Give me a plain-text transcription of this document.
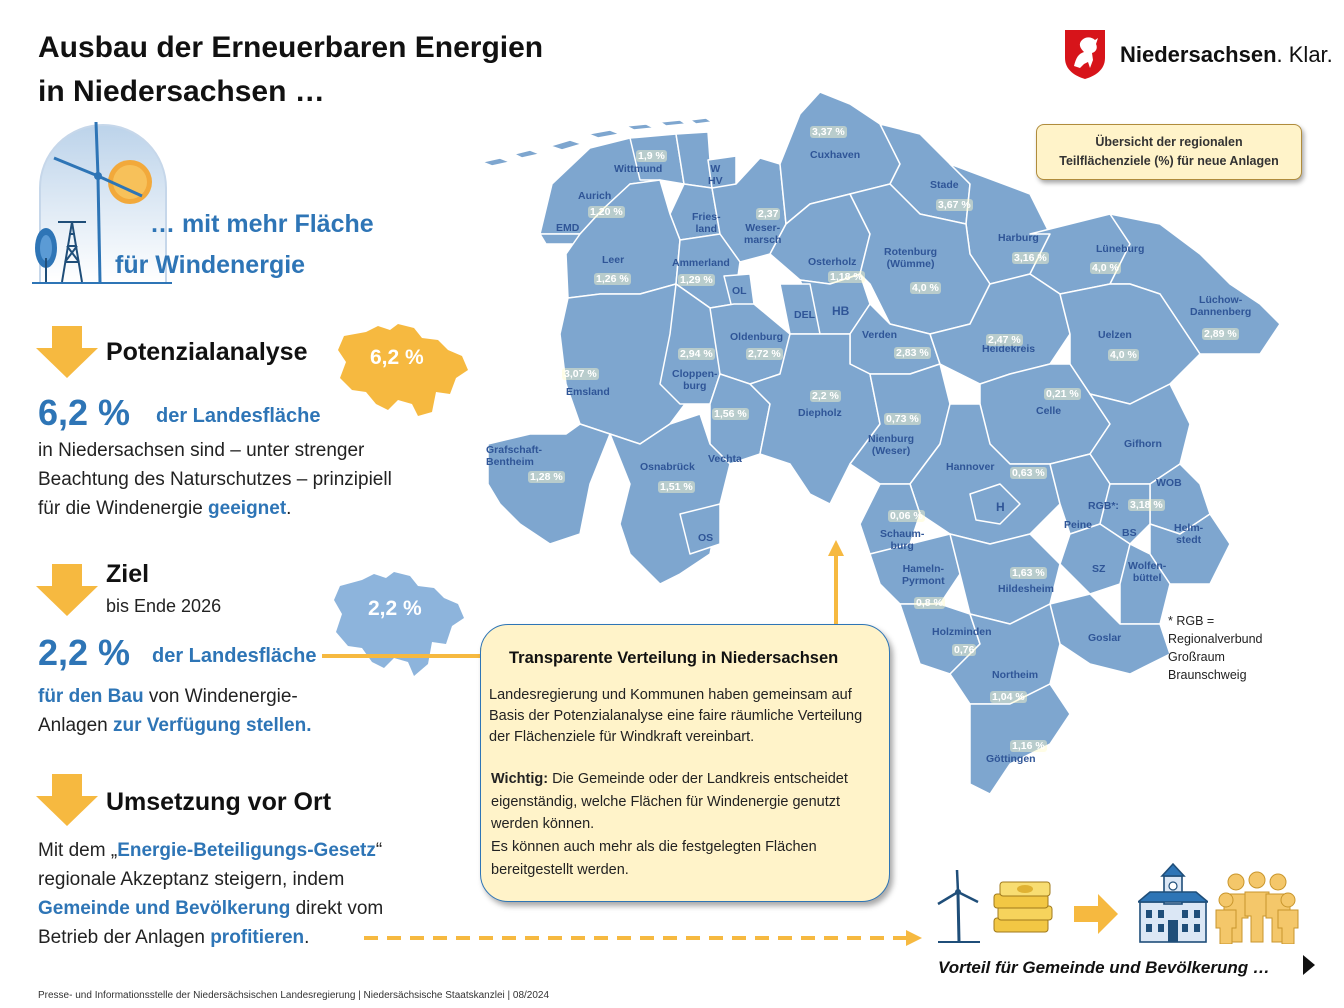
Ausbau der Erneuerbaren Energien
in Niedersachsen …
Niedersachsen. Klar.
… mit mehr Fläche
für Windenergie
Potenzialanalyse	6,2 %
6,2 % der Landesfläche
in Niedersachsen sind – unter strenger
Beachtung des Naturschutzes – prinzipiell
für die Windenergie geeignet.
Ziel
bis Ende 2026	2,2 %
2,2 % der Landesfläche
für den Bau von Windenergie-
Anlagen zur Verfügung stellen.
Umsetzung vor Ort
Mit dem „Energie-Beteiligungs-Gesetz“
regionale Akzeptanz steigern, indem
Gemeinde und Bevölkerung direkt vom
Betrieb der Anlagen profitieren.
Cuxhaven
3,37 %
Stade
3,67 %
Harburg
3,16 %
Lüneburg
4,0 %
Lüchow-
Dannenberg
2,89 %
Wittmund
1,9 %
W
HV
Aurich
1,20 %
EMD
Fries-
land	Weser-
marsch
2,37
Leer
1,26 %
Ammerland
1,29 %
OL
Osterholz
1,18 %
Rotenburg
(Wümme)
4,0 %
HB
DEL
Oldenburg
2,72 %
Verden
2,83 %	Heidekreis
2,47 %	Uelzen
4,0 %
Emsland
3,07 %	Cloppen-
burg
2,94 %
Vechta
1,56 %	Diepholz
2,2 %
Nienburg
(Weser)
0,73 %
Celle
0,21 %
Gifhorn
WOB
RGB*: 3,18 %
Grafschaft-
Bentheim
1,28 %
Osnabrück
1,51 %
OS
Hannover 0,63 %
H
Peine
BS	Helm-
stedt
Schaum-
burg
0,06 %
Hameln-
Pyrmont
0,8 %
Hildesheim
1,63 %	SZ Wolfen-
büttel
Holzminden
0,76
Goslar
Northeim
1,04 %
Göttingen
1,16 %
Übersicht der regionalen
Teilflächenziele (%) für neue Anlagen
* RGB =
Regionalverbund
Großraum
Braunschweig
Transparente Verteilung in Niedersachsen
Landesregierung und Kommunen haben gemeinsam auf Basis der Potenzialanalyse eine faire räumliche Verteilung der Flächenziele für Windkraft vereinbart.
Wichtig: Die Gemeinde oder der Landkreis entscheidet eigenständig, welche Flächen für Windenergie genutzt werden können.
Es können auch mehr als die festgelegten Flächen bereitgestellt werden.
Vorteil für Gemeinde und Bevölkerung …
Presse- und Informationsstelle der Niedersächsischen Landesregierung | Niedersächsische Staatskanzlei | 08/2024
